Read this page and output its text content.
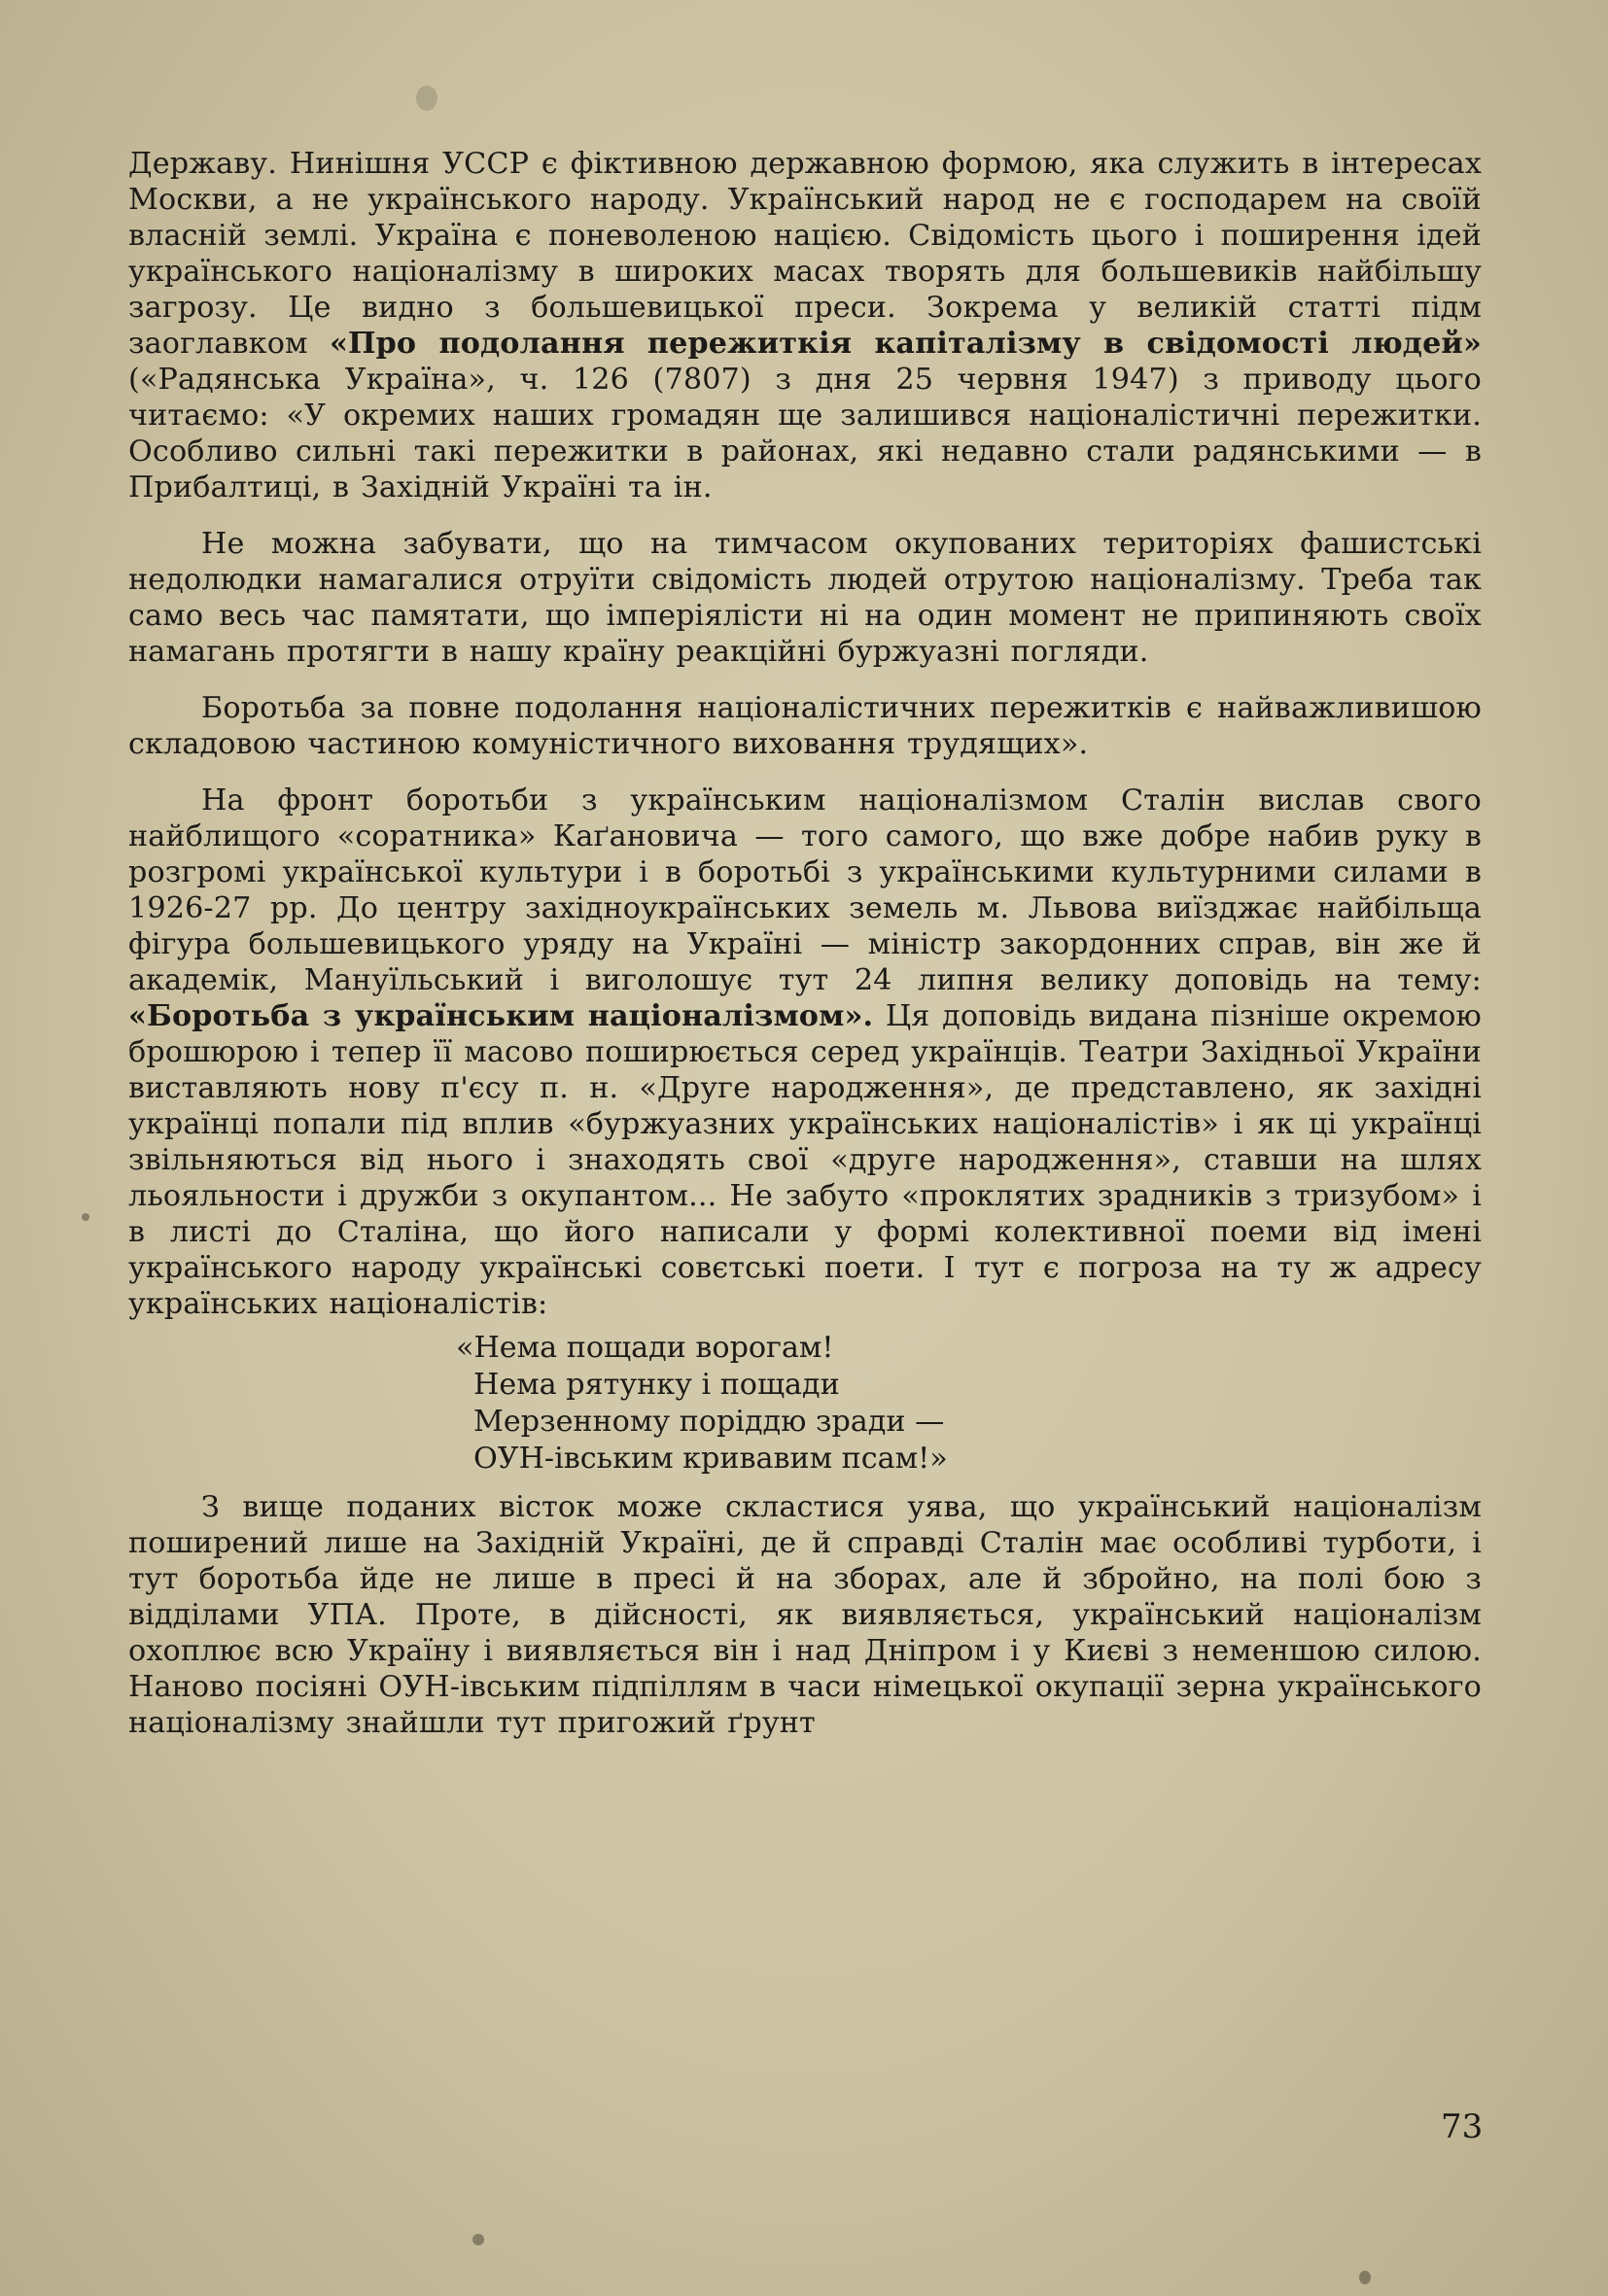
Державу. Нинішня УССР є фіктивною державною формою, яка служить в інтересах Москви, а не українського народу. Український народ не є господарем на своїй власній землі. Україна є поневоленою нацією. Свідомість цього і поширення ідей українського націоналізму в широких масах творять для большевиків найбільшу загрозу. Це видно з большевицької преси. Зокрема у великій статті підм заоглавком «Про подолання пережиткія капіталізму в свідомості людей» («Радянська Україна», ч. 126 (7807) з дня 25 червня 1947) з приводу цього читаємо: «У окремих наших громадян ще залишився націоналістичні пережитки. Особливо сильні такі пережитки в районах, які недавно стали радянськими — в Прибалтиці, в Західній Україні та ін.

Не можна забувати, що на тимчасом окупованих територіях фашистські недолюдки намагалися отруїти свідомість людей отрутою націоналізму. Треба так само весь час памятати, що імперіялісти ні на один момент не припиняють своїх намагань протягти в нашу країну реакційні буржуазні погляди.

Боротьба за повне подолання націоналістичних пережитків є найважливишою складовою частиною комуністичного виховання трудящих».

На фронт боротьби з українським націоналізмом Сталін вислав свого найблищого «соратника» Каґановича — того самого, що вже добре набив руку в розгромі української культури і в боротьбі з українськими культурними силами в 1926-27 рр. До центру західноукраїнських земель м. Львова виїзджає найбільща фігура большевицького уряду на Україні — міністр закордонних справ, він же й академік, Мануїльський і виголошує тут 24 липня велику доповідь на тему: «Боротьба з українським націоналізмом». Ця доповідь видана пізніше окремою брошюрою і тепер її масово поширюється серед українців. Театри Західньої України виставляють нову п'єсу п. н. «Друге народження», де представлено, як західні українці попали під вплив «буржуазних українських націоналістів» і як ці українці звільняються від нього і знаходять свої «друге народження», ставши на шлях льояльности і дружби з окупантом... Не забуто «проклятих зрадників з тризубом» і в листі до Сталіна, що його написали у формі колективної поеми від імені українського народу українські совєтські поети. І тут є погроза на ту ж адресу українських націоналістів:

«Нема пощади ворогам!
Нема рятунку і пощади
Мерзенному поріддю зради —
ОУН-івським кривавим псам!»

З вище поданих вісток може скластися уява, що український націоналізм поширений лише на Західній Україні, де й справді Сталін має особливі турботи, і тут боротьба йде не лише в пресі й на зборах, але й збройно, на полі бою з відділами УПА. Проте, в дійсності, як виявляється, український націоналізм охоплює всю Україну і виявляється він і над Дніпром і у Києві з неменшою силою. Наново посіяні ОУН-івським підпіллям в часи німецької окупації зерна українського націоналізму знайшли тут пригожий ґрунт

73
